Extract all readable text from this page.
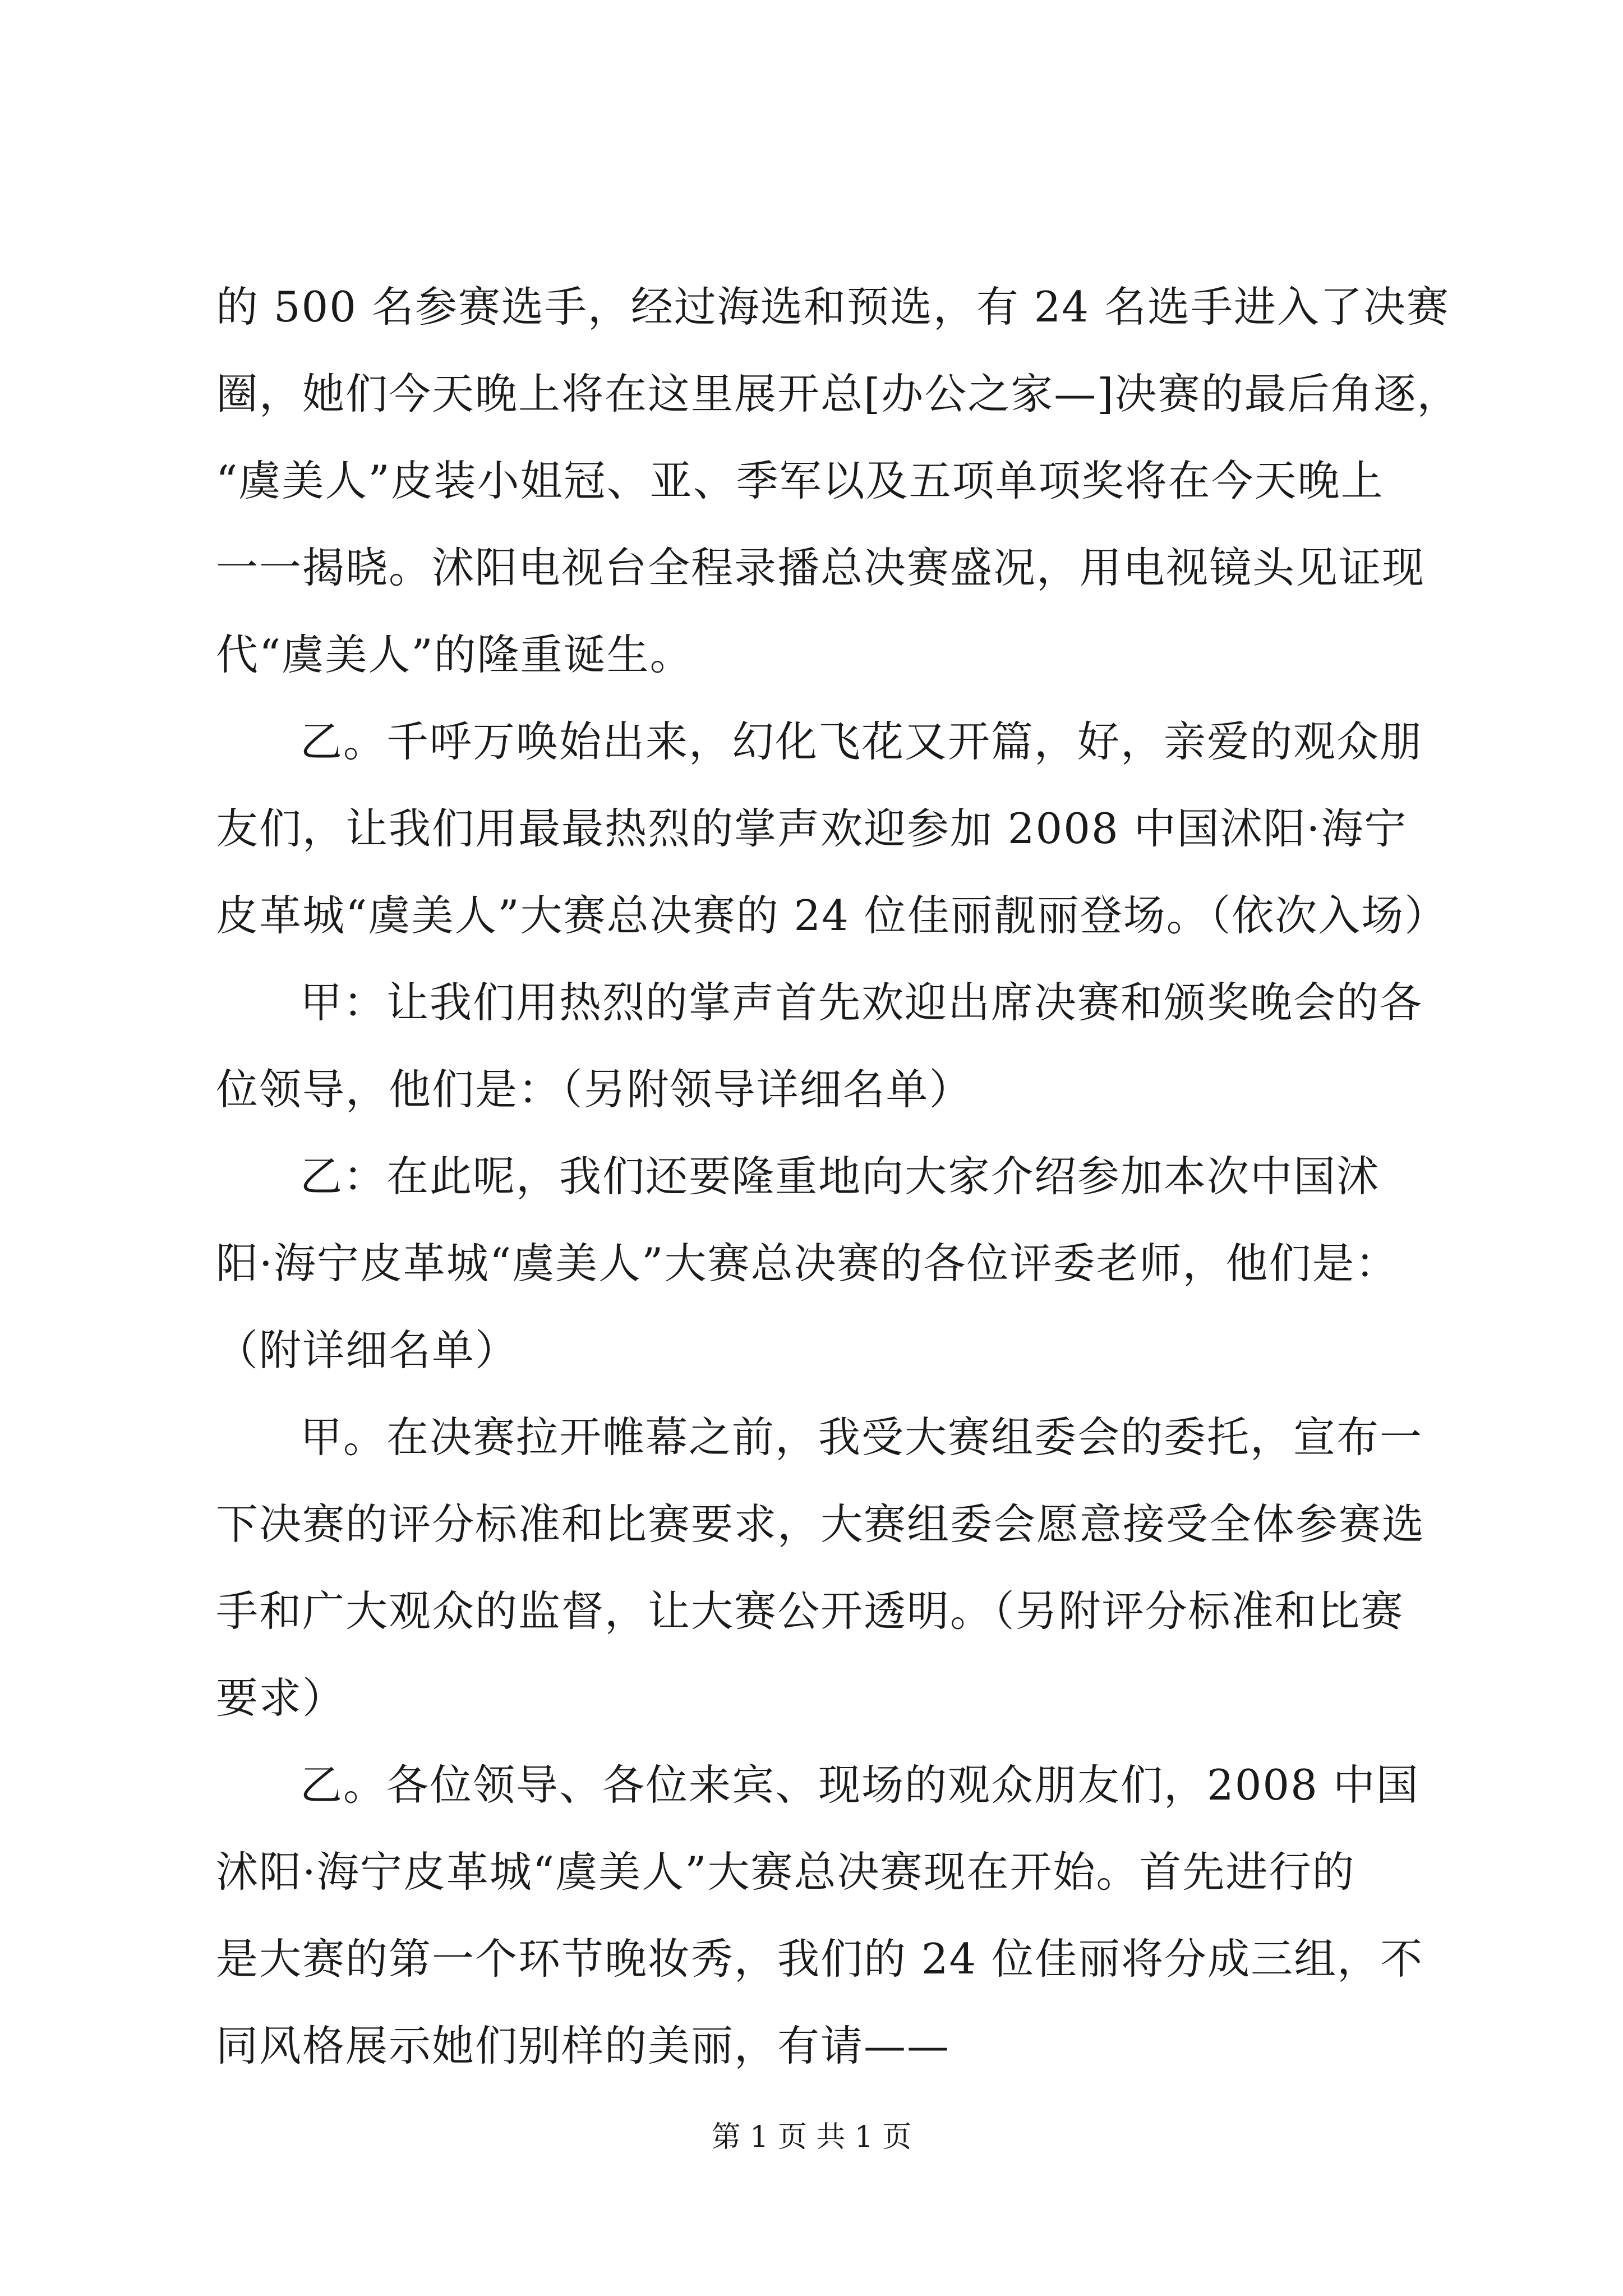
的 500 名参赛选手，经过海选和预选，有 24 名选手进入了决赛
圈，她们今天晚上将在这里展开总[办公之家—]决赛的最后角逐，
“虞美人”皮装小姐冠、亚、季军以及五项单项奖将在今天晚上
一一揭晓。沭阳电视台全程录播总决赛盛况，用电视镜头见证现
代“虞美人”的隆重诞生。
乙。千呼万唤始出来，幻化飞花又开篇，好，亲爱的观众朋
友们，让我们用最最热烈的掌声欢迎参加 2008 中国沭阳·海宁
皮革城“虞美人”大赛总决赛的 24 位佳丽靓丽登场。（依次入场）
甲：让我们用热烈的掌声首先欢迎出席决赛和颁奖晚会的各
位领导，他们是：（另附领导详细名单）
乙：在此呢，我们还要隆重地向大家介绍参加本次中国沭
阳·海宁皮革城“虞美人”大赛总决赛的各位评委老师，他们是：
（附详细名单）
甲。在决赛拉开帷幕之前，我受大赛组委会的委托，宣布一
下决赛的评分标准和比赛要求，大赛组委会愿意接受全体参赛选
手和广大观众的监督，让大赛公开透明。（另附评分标准和比赛
要求）
乙。各位领导、各位来宾、现场的观众朋友们，2008 中国
沭阳·海宁皮革城“虞美人”大赛总决赛现在开始。首先进行的
是大赛的第一个环节晚妆秀，我们的 24 位佳丽将分成三组，不
同风格展示她们别样的美丽，有请——
第 1 页 共 1 页
